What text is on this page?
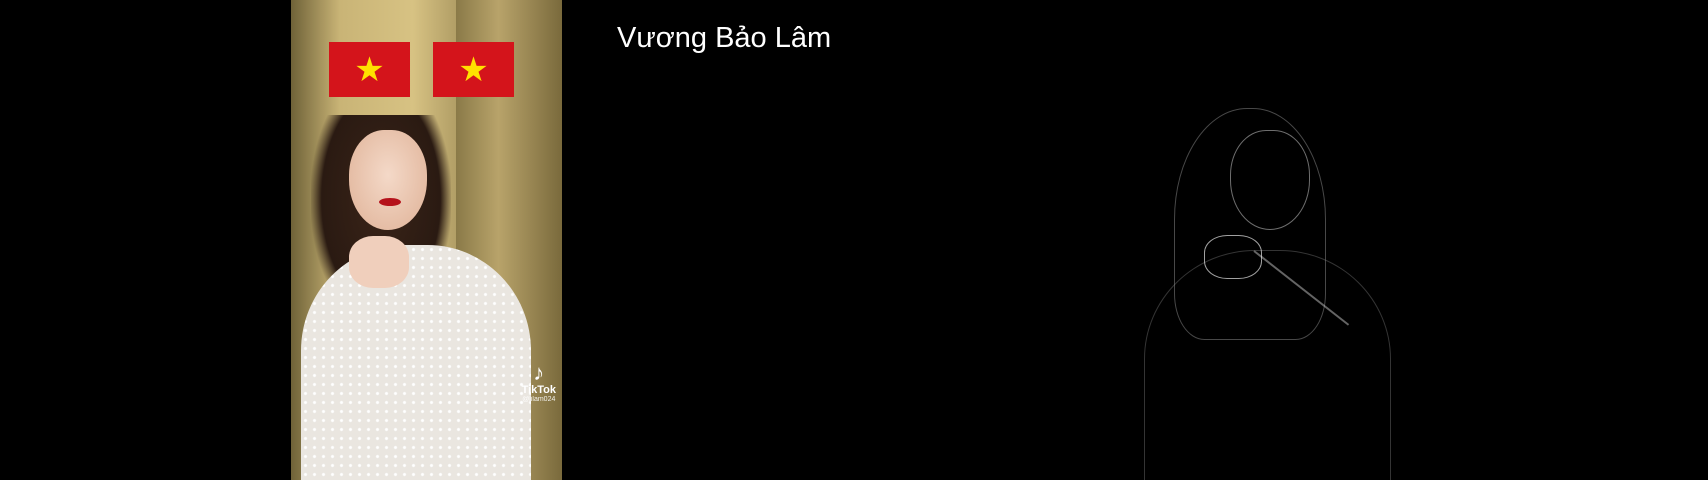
★ ★
♪
TikTok
@lilam024
Vương Bảo Lâm
